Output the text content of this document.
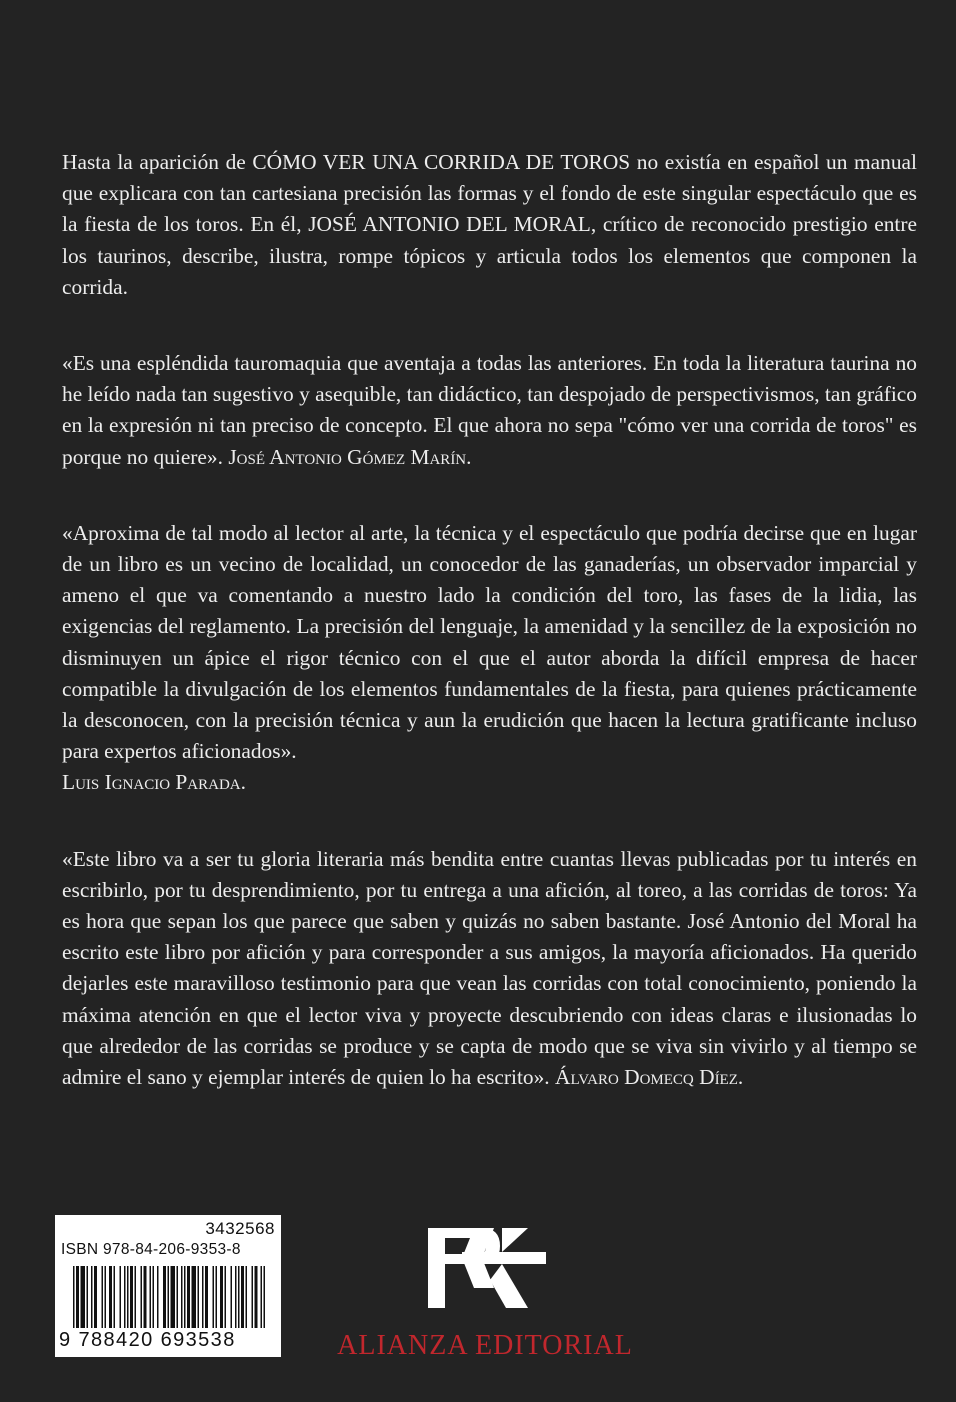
Hasta la aparición de CÓMO VER UNA CORRIDA DE TOROS no existía en español un manual que explicara con tan cartesiana precisión las formas y el fondo de este singular espectáculo que es la fiesta de los toros. En él, JOSÉ ANTONIO DEL MORAL, crítico de reconocido prestigio entre los taurinos, describe, ilustra, rompe tópicos y articula todos los elementos que componen la corrida.

«Es una espléndida tauromaquia que aventaja a todas las anteriores. En toda la literatura taurina no he leído nada tan sugestivo y asequible, tan didáctico, tan despojado de perspectivismos, tan gráfico en la expresión ni tan preciso de concepto. El que ahora no sepa "cómo ver una corrida de toros" es porque no quiere». José Antonio Gómez Marín.

«Aproxima de tal modo al lector al arte, la técnica y el espectáculo que podría decirse que en lugar de un libro es un vecino de localidad, un conocedor de las ganaderías, un observador imparcial y ameno el que va comentando a nuestro lado la condición del toro, las fases de la lidia, las exigencias del reglamento. La precisión del lenguaje, la amenidad y la sencillez de la exposición no disminuyen un ápice el rigor técnico con el que el autor aborda la difícil empresa de hacer compatible la divulgación de los elementos fundamentales de la fiesta, para quienes prácticamente la desconocen, con la precisión técnica y aun la erudición que hacen la lectura gratificante incluso para expertos aficionados».
Luis Ignacio Parada.

«Este libro va a ser tu gloria literaria más bendita entre cuantas llevas publicadas por tu interés en escribirlo, por tu desprendimiento, por tu entrega a una afición, al toreo, a las corridas de toros: Ya es hora que sepan los que parece que saben y quizás no saben bastante. José Antonio del Moral ha escrito este libro por afición y para corresponder a sus amigos, la mayoría aficionados. Ha querido dejarles este maravilloso testimonio para que vean las corridas con total conocimiento, poniendo la máxima atención en que el lector viva y proyecte descubriendo con ideas claras e ilusionadas lo que alrededor de las corridas se produce y se capta de modo que se viva sin vivirlo y al tiempo se admire el sano y ejemplar interés de quien lo ha escrito». Álvaro Domecq Díez.

3432568
ISBN 978-84-206-9353-8
9 788420 693538	ALIANZA EDITORIAL
